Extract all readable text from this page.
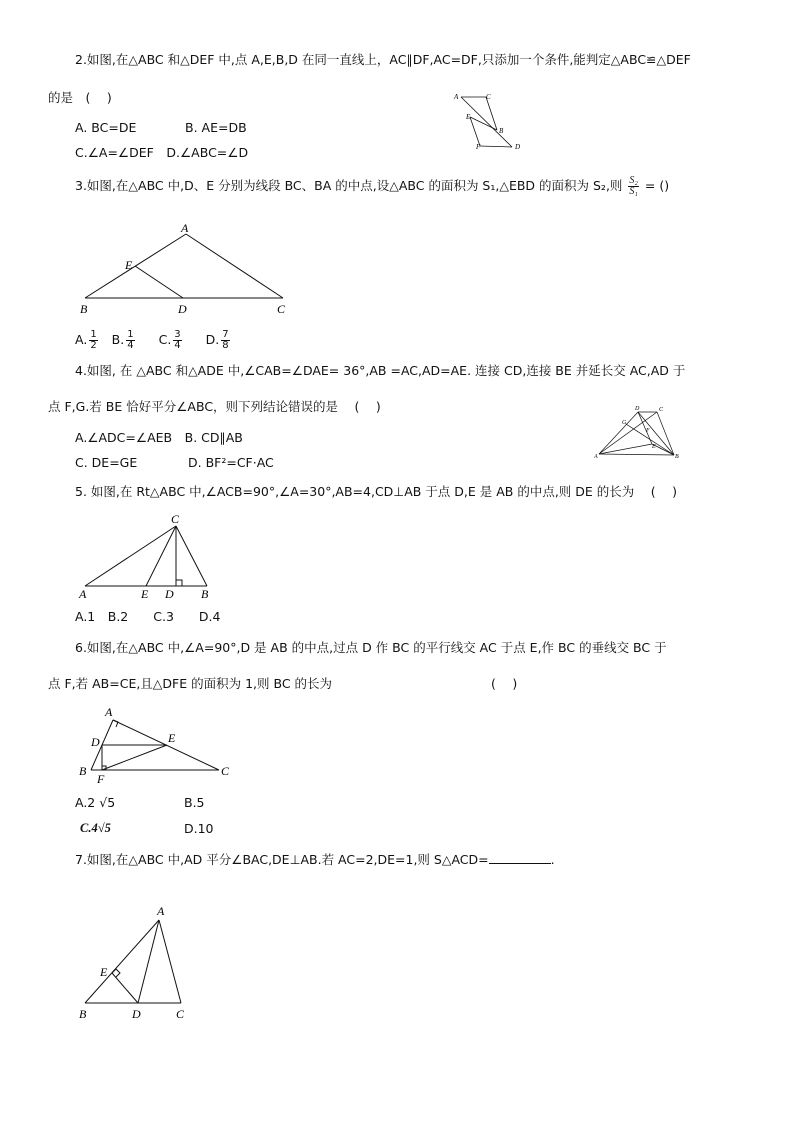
2.如图,在△ABC 和△DEF 中,点 A,E,B,D 在同一直线上，AC∥DF,AC=DF,只添加一个条件,能判定△ABC≌△DEF
的是　(　 )
A. BC=DE	B. AE=DB
C.∠A=∠DEF　D.∠ABC=∠D
A	C
E
B
F	D
3.如图,在△ABC 中,D、E 分别为线段 BC、BA 的中点,设△ABC 的面积为 S₁,△EBD 的面积为 S₂,则 $\frac{\text{S₂}}{\text{S₁}}$ = ()
A
E
B	D	C
A. $\frac{1}{2} B$. $\frac{1}{4} C$. $\frac{3}{4} D$. $\frac{7}{8}$
4.如图, 在 △ABC 和△ADE 中,∠CAB=∠DAE= 36°,AB =AC,AD=AE. 连接 CD,连接 BE 并延长交 AC,AD 于
点 F,G.若 BE 恰好平分∠ABC，则下列结论错误的是　 (　 )
A.∠ADC=∠AEB　B. CD∥AB
C. DE=GE	D. BF²=CF·AC
D	C
G
F
E
A	B
5. 如图,在 Rt△ABC 中,∠ACB=90°,∠A=30°,AB=4,CD⊥AB 于点 D,E 是 AB 的中点,则 DE 的长为　 (　 )
C
A	E D B
A.1　B.2　　C.3　　D.4
6.如图,在△ABC 中,∠A=90°,D 是 AB 的中点,过点 D 作 BC 的平行线交 AC 于点 E,作 BC 的垂线交 BC 于
点 F,若 AB=CE,且△DFE 的面积为 1,则 BC 的长为	(　 )
A
D	E
B
F
C
A.2 √5	B.5
C.4√5	D.10
7.如图,在△ABC 中,AD 平分∠BAC,DE⊥AB.若 AC=2,DE=1,则 S△ACD=	.
A
E
B	D	C
